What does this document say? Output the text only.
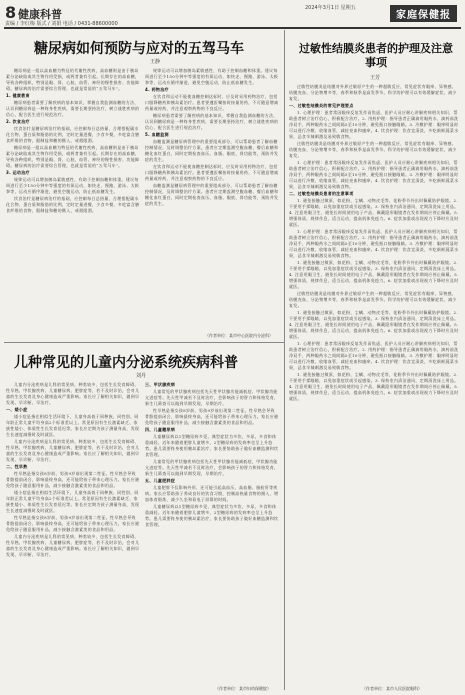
8 健康科普
责编 / 李红梅 版式 / 刘娟 电话 / 0431-88600000
2024年3月1日 星期五
家庭保健报
糖尿病如何预防与应对的五驾马车
王静

糖尿病是一组以高血糖为特征的代谢性疾病，高血糖则是由于胰岛素分泌缺陷或其生物作用受损，或两者兼有引起。长期存在的高血糖，导致各种组织，特别是眼、肾、心脏、血管、神经的慢性损害、功能障碍。糖尿病的治疗需要综合管理，也就是常说的“五驾马车”。

1. 健康教育

糖尿病患者需要了解疾病的基本知识，掌握自我监测血糖的方法，认识到糖尿病是一种终身性疾病，需要长期坚持治疗，树立战胜疾病的信心，配合医生进行规范治疗。

2. 饮食治疗

饮食治疗是糖尿病治疗的基础，应控制每日总热量，合理搭配碳水化合物、蛋白质和脂肪的比例，定时定量进餐，少食多餐，多吃富含膳食纤维的食物，限制盐和糖的摄入，戒烟限酒。

糖尿病是一组以高血糖为特征的代谢性疾病，高血糖则是由于胰岛素分泌缺陷或其生物作用受损，或两者兼有引起。长期存在的高血糖，导致各种组织，特别是眼、肾、心脏、血管、神经的慢性损害、功能障碍。糖尿病的治疗需要综合管理，也就是常说的“五驾马车”。

3. 运动治疗

规律运动可以增加胰岛素敏感性，有助于控制血糖和体重。建议每周进行至少150分钟中等强度的有氧运动，如快走、慢跑、游泳、太极拳等，运动应循序渐进，避免空腹运动，防止低血糖发生。

饮食治疗是糖尿病治疗的基础，应控制每日总热量，合理搭配碳水化合物、蛋白质和脂肪的比例，定时定量进餐，少食多餐，多吃富含膳食纤维的食物，限制盐和糖的摄入，戒烟限酒。

规律运动可以增加胰岛素敏感性，有助于控制血糖和体重。建议每周进行至少150分钟中等强度的有氧运动，如快走、慢跑、游泳、太极拳等，运动应循序渐进，避免空腹运动，防止低血糖发生。

4. 药物治疗

在饮食和运动不能使血糖控制达标时，应及时采用药物治疗，包括口服降糖药和胰岛素治疗。患者要遵医嘱按时按量用药，不可随意增减药量或停药，并注意观察药物的不良反应。

糖尿病患者需要了解疾病的基本知识，掌握自我监测血糖的方法，认识到糖尿病是一种终身性疾病，需要长期坚持治疗，树立战胜疾病的信心，配合医生进行规范治疗。

5. 血糖监测

血糖监测是糖尿病管理中的重要组成部分，可以帮助患者了解血糖控制情况，及时调整治疗方案。患者应定期监测空腹血糖、餐后血糖和糖化血红蛋白，同时定期检查血压、血脂、眼底、肾功能等，预防并发症的发生。

在饮食和运动不能使血糖控制达标时，应及时采用药物治疗，包括口服降糖药和胰岛素治疗。患者要遵医嘱按时按量用药，不可随意增减药量或停药，并注意观察药物的不良反应。

血糖监测是糖尿病管理中的重要组成部分，可以帮助患者了解血糖控制情况，及时调整治疗方案。患者应定期监测空腹血糖、餐后血糖和糖化血红蛋白，同时定期检查血压、血脂、眼底、肾功能等，预防并发症的发生。

（作者单位：某市中心医院内分泌科）
过敏性结膜炎患者的护理及注意事项
王芳

过敏性结膜炎是结膜对外界过敏原产生的一种超敏反应，常见症状有眼痒、异物感、结膜充血、分泌物增多等，春季和秋季是高发季节。科学的护理可以有效缓解症状，减少复发。

一、过敏性结膜炎的常见护理要点

1. 心理护理：患者常因眼痒反复发作而焦虑，医护人员应耐心讲解疾病相关知识，帮助患者树立治疗信心，积极配合治疗。2. 用药护理：指导患者正确滴用眼药水，滴药前洗净双手，两种眼药水之间间隔5至10分钟，避免瓶口接触眼睛。3. 冷敷护理：眼痒明显时可以进行冷敷，收缩血管，减轻充血和瘙痒。4. 饮食护理：饮食宜清淡，多吃新鲜蔬菜水果，忌食辛辣刺激及易致敏食物。

过敏性结膜炎是结膜对外界过敏原产生的一种超敏反应，常见症状有眼痒、异物感、结膜充血、分泌物增多等，春季和秋季是高发季节。科学的护理可以有效缓解症状，减少复发。

1. 心理护理：患者常因眼痒反复发作而焦虑，医护人员应耐心讲解疾病相关知识，帮助患者树立治疗信心，积极配合治疗。2. 用药护理：指导患者正确滴用眼药水，滴药前洗净双手，两种眼药水之间间隔5至10分钟，避免瓶口接触眼睛。3. 冷敷护理：眼痒明显时可以进行冷敷，收缩血管，减轻充血和瘙痒。4. 饮食护理：饮食宜清淡，多吃新鲜蔬菜水果，忌食辛辣刺激及易致敏食物。

二、过敏性结膜炎患者的注意事项

1. 避免接触过敏原，如花粉、尘螨、动物皮毛等，花粉季节外出时佩戴防护眼镜。2. 不要用手揉眼睛，以免加重症状或引起感染。3. 保持室内清洁通风，定期清洗床上用品。4. 注意用眼卫生，避免长时间使用电子产品，佩戴隐形眼镜者在发作期间应停止佩戴。5. 增强体质，规律作息，适当运动，提高机体免疫力。6. 症状加重或出现视力下降时应及时就医。

1. 心理护理：患者常因眼痒反复发作而焦虑，医护人员应耐心讲解疾病相关知识，帮助患者树立治疗信心，积极配合治疗。2. 用药护理：指导患者正确滴用眼药水，滴药前洗净双手，两种眼药水之间间隔5至10分钟，避免瓶口接触眼睛。3. 冷敷护理：眼痒明显时可以进行冷敷，收缩血管，减轻充血和瘙痒。4. 饮食护理：饮食宜清淡，多吃新鲜蔬菜水果，忌食辛辣刺激及易致敏食物。

1. 避免接触过敏原，如花粉、尘螨、动物皮毛等，花粉季节外出时佩戴防护眼镜。2. 不要用手揉眼睛，以免加重症状或引起感染。3. 保持室内清洁通风，定期清洗床上用品。4. 注意用眼卫生，避免长时间使用电子产品，佩戴隐形眼镜者在发作期间应停止佩戴。5. 增强体质，规律作息，适当运动，提高机体免疫力。6. 症状加重或出现视力下降时应及时就医。

过敏性结膜炎是结膜对外界过敏原产生的一种超敏反应，常见症状有眼痒、异物感、结膜充血、分泌物增多等，春季和秋季是高发季节。科学的护理可以有效缓解症状，减少复发。

1. 避免接触过敏原，如花粉、尘螨、动物皮毛等，花粉季节外出时佩戴防护眼镜。2. 不要用手揉眼睛，以免加重症状或引起感染。3. 保持室内清洁通风，定期清洗床上用品。4. 注意用眼卫生，避免长时间使用电子产品，佩戴隐形眼镜者在发作期间应停止佩戴。5. 增强体质，规律作息，适当运动，提高机体免疫力。6. 症状加重或出现视力下降时应及时就医。

1. 心理护理：患者常因眼痒反复发作而焦虑，医护人员应耐心讲解疾病相关知识，帮助患者树立治疗信心，积极配合治疗。2. 用药护理：指导患者正确滴用眼药水，滴药前洗净双手，两种眼药水之间间隔5至10分钟，避免瓶口接触眼睛。3. 冷敷护理：眼痒明显时可以进行冷敷，收缩血管，减轻充血和瘙痒。4. 饮食护理：饮食宜清淡，多吃新鲜蔬菜水果，忌食辛辣刺激及易致敏食物。

1. 避免接触过敏原，如花粉、尘螨、动物皮毛等，花粉季节外出时佩戴防护眼镜。2. 不要用手揉眼睛，以免加重症状或引起感染。3. 保持室内清洁通风，定期清洗床上用品。4. 注意用眼卫生，避免长时间使用电子产品，佩戴隐形眼镜者在发作期间应停止佩戴。5. 增强体质，规律作息，适当运动，提高机体免疫力。6. 症状加重或出现视力下降时应及时就医。

（作者单位：某市人民医院眼科）
儿种常见的儿童内分泌系统疾病科普
刘丹

儿童内分泌疾病是儿科的常见病，种类较多，包括生长发育障碍、性早熟、甲状腺疾病、儿童糖尿病、肥胖症等，若不及时诊治，会对儿童的生长发育及身心健康造成严重影响。家长应了解相关知识，做到早发现、早诊断、早治疗。

一、矮小症

矮小症是指在相似生活环境下，儿童身高低于同种族、同性别、同年龄正常儿童平均身高2个标准差以上。常见原因有生长激素缺乏、家族性矮小、体质性生长发育延迟等。家长应定期为孩子测量身高，发现生长速度减慢时及时就医。

儿童内分泌疾病是儿科的常见病，种类较多，包括生长发育障碍、性早熟、甲状腺疾病、儿童糖尿病、肥胖症等，若不及时诊治，会对儿童的生长发育及身心健康造成严重影响。家长应了解相关知识，做到早发现、早诊断、早治疗。

二、性早熟

性早熟是指女孩8岁前、男孩9岁前出现第二性征。性早熟会导致骨骼提前闭合，影响最终身高，还可能给孩子带来心理压力。家长应避免给孩子随意服用补品，减少接触含激素类的食品和用品。

矮小症是指在相似生活环境下，儿童身高低于同种族、同性别、同年龄正常儿童平均身高2个标准差以上。常见原因有生长激素缺乏、家族性矮小、体质性生长发育延迟等。家长应定期为孩子测量身高，发现生长速度减慢时及时就医。

性早熟是指女孩8岁前、男孩9岁前出现第二性征。性早熟会导致骨骼提前闭合，影响最终身高，还可能给孩子带来心理压力。家长应避免给孩子随意服用补品，减少接触含激素类的食品和用品。

儿童内分泌疾病是儿科的常见病，种类较多，包括生长发育障碍、性早熟、甲状腺疾病、儿童糖尿病、肥胖症等，若不及时诊治，会对儿童的生长发育及身心健康造成严重影响。家长应了解相关知识，做到早发现、早诊断、早治疗。

三、甲状腺疾病

儿童常见的甲状腺疾病包括先天性甲状腺功能减低症、甲状腺功能亢进症等。先天性甲减若不及时治疗，会影响孩子的智力和体格发育，新生儿筛查可以做到早期发现、早期治疗。

性早熟是指女孩8岁前、男孩9岁前出现第二性征。性早熟会导致骨骼提前闭合，影响最终身高，还可能给孩子带来心理压力。家长应避免给孩子随意服用补品，减少接触含激素类的食品和用品。

四、儿童糖尿病

儿童糖尿病以1型糖尿病多见，典型症状为多饮、多尿、多食和体重减轻。近年来随着肥胖儿童增多，2型糖尿病的发病率也呈上升趋势。患儿需要终身使用胰岛素治疗，家长要协助孩子做好血糖监测和饮食管理。

儿童常见的甲状腺疾病包括先天性甲状腺功能减低症、甲状腺功能亢进症等。先天性甲减若不及时治疗，会影响孩子的智力和体格发育，新生儿筛查可以做到早期发现、早期治疗。

五、儿童肥胖症

儿童肥胖不仅影响外形，还可能引起高血压、高血脂、脂肪肝等疾病。家长应帮助孩子养成良好的饮食习惯，控制高热量食物的摄入，增加体育锻炼，减少久坐和看电子屏幕的时间。

儿童糖尿病以1型糖尿病多见，典型症状为多饮、多尿、多食和体重减轻。近年来随着肥胖儿童增多，2型糖尿病的发病率也呈上升趋势。患儿需要终身使用胰岛素治疗，家长要协助孩子做好血糖监测和饮食管理。

（作者单位：某市妇幼保健院）
